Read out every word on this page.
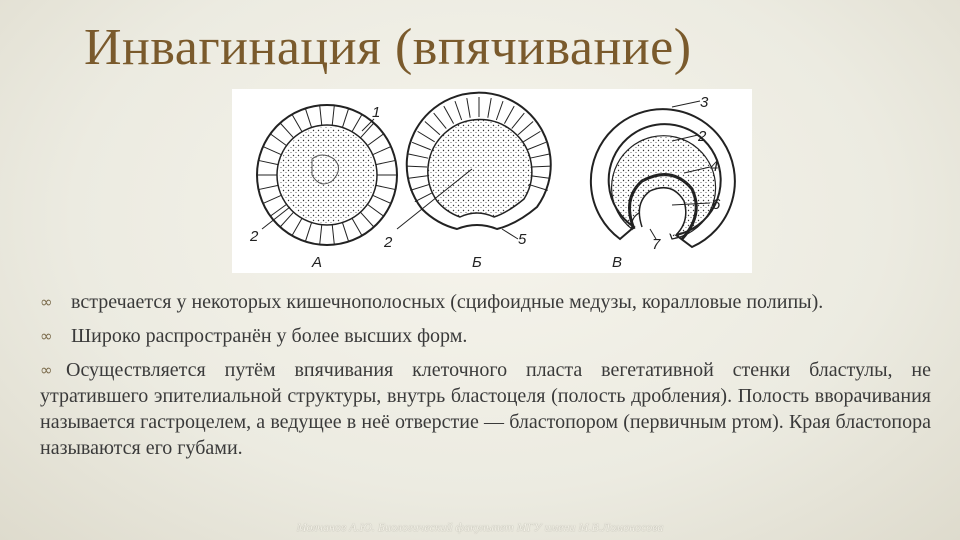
Инвагинация (впячивание)
1
2
А
2	5
Б
3
2
4
6
7
В
∞ встречается у некоторых кишечнополосных (сцифоидные медузы, коралловые полипы).
∞ Широко распространён у более высших форм.
∞ Осуществляется путём впячивания клеточного пласта вегетативной стенки бластулы, не утратившего эпителиальной структуры, внутрь бластоцеля (полость дробления). Полость вворачивания называется гастроцелем, а ведущее в неё отверстие — бластопором (первичным ртом). Края бластопора называются его губами.
Молчанов А.Ю. Биологический факультет МГУ имени М.В.Ломоносова
